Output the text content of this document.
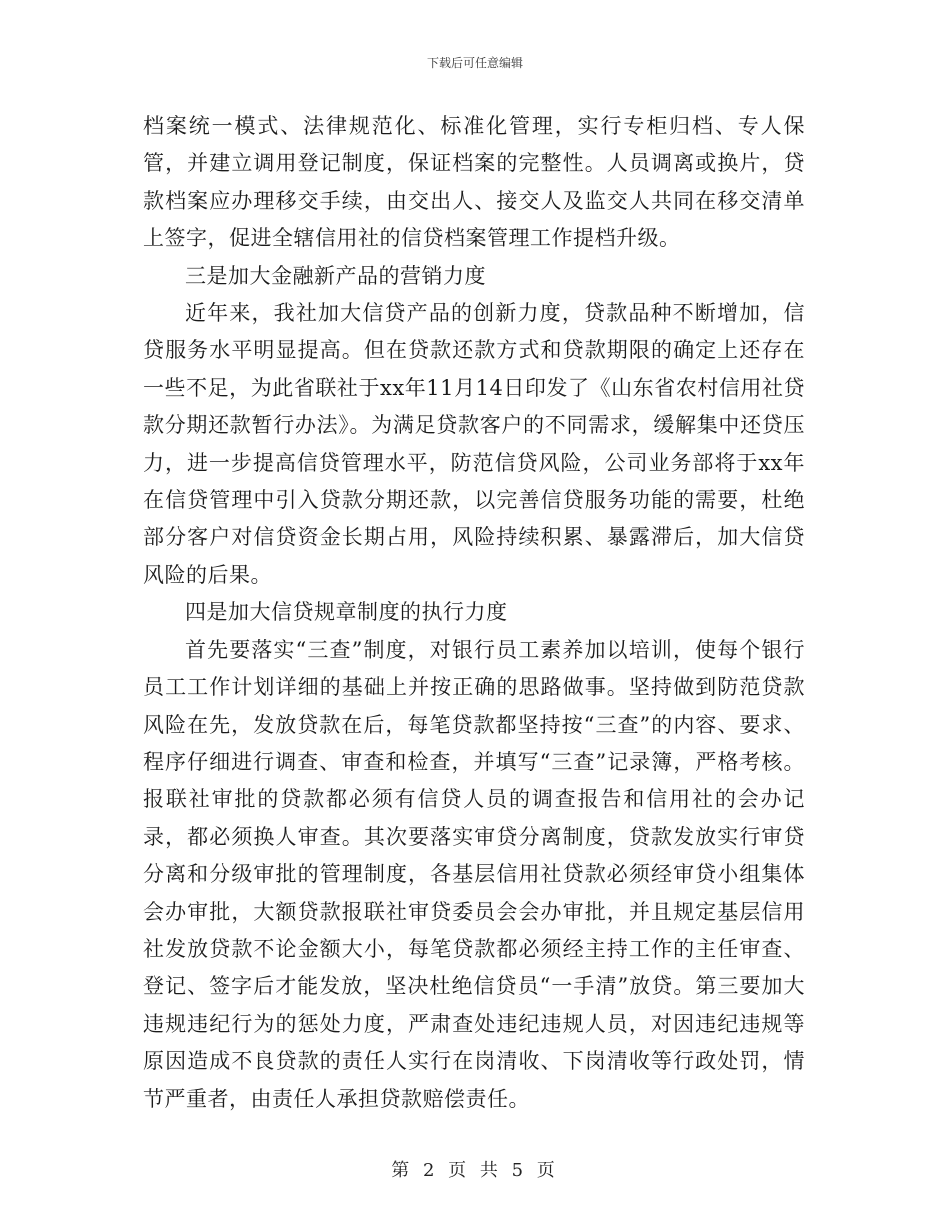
下载后可任意编辑

档案统一模式、法律规范化、标准化管理，实行专柜归档、专人保管，并建立调用登记制度，保证档案的完整性。人员调离或换片，贷款档案应办理移交手续，由交出人、接交人及监交人共同在移交清单上签字，促进全辖信用社的信贷档案管理工作提档升级。

三是加大金融新产品的营销力度

近年来，我社加大信贷产品的创新力度，贷款品种不断增加，信贷服务水平明显提高。但在贷款还款方式和贷款期限的确定上还存在一些不足，为此省联社于xx年11月14日印发了《山东省农村信用社贷款分期还款暂行办法》。为满足贷款客户的不同需求，缓解集中还贷压力，进一步提高信贷管理水平，防范信贷风险，公司业务部将于xx年在信贷管理中引入贷款分期还款，以完善信贷服务功能的需要，杜绝部分客户对信贷资金长期占用，风险持续积累、暴露滞后，加大信贷风险的后果。

四是加大信贷规章制度的执行力度

首先要落实“三查”制度，对银行员工素养加以培训，使每个银行员工工作计划详细的基础上并按正确的思路做事。坚持做到防范贷款风险在先，发放贷款在后，每笔贷款都坚持按“三查”的内容、要求、程序仔细进行调查、审查和检查，并填写“三查”记录簿，严格考核。报联社审批的贷款都必须有信贷人员的调查报告和信用社的会办记录，都必须换人审查。其次要落实审贷分离制度，贷款发放实行审贷分离和分级审批的管理制度，各基层信用社贷款必须经审贷小组集体会办审批，大额贷款报联社审贷委员会会办审批，并且规定基层信用社发放贷款不论金额大小，每笔贷款都必须经主持工作的主任审查、登记、签字后才能发放，坚决杜绝信贷员“一手清”放贷。第三要加大违规违纪行为的惩处力度，严肃查处违纪违规人员，对因违纪违规等原因造成不良贷款的责任人实行在岗清收、下岗清收等行政处罚，情节严重者，由责任人承担贷款赔偿责任。

第 2 页 共 5 页
